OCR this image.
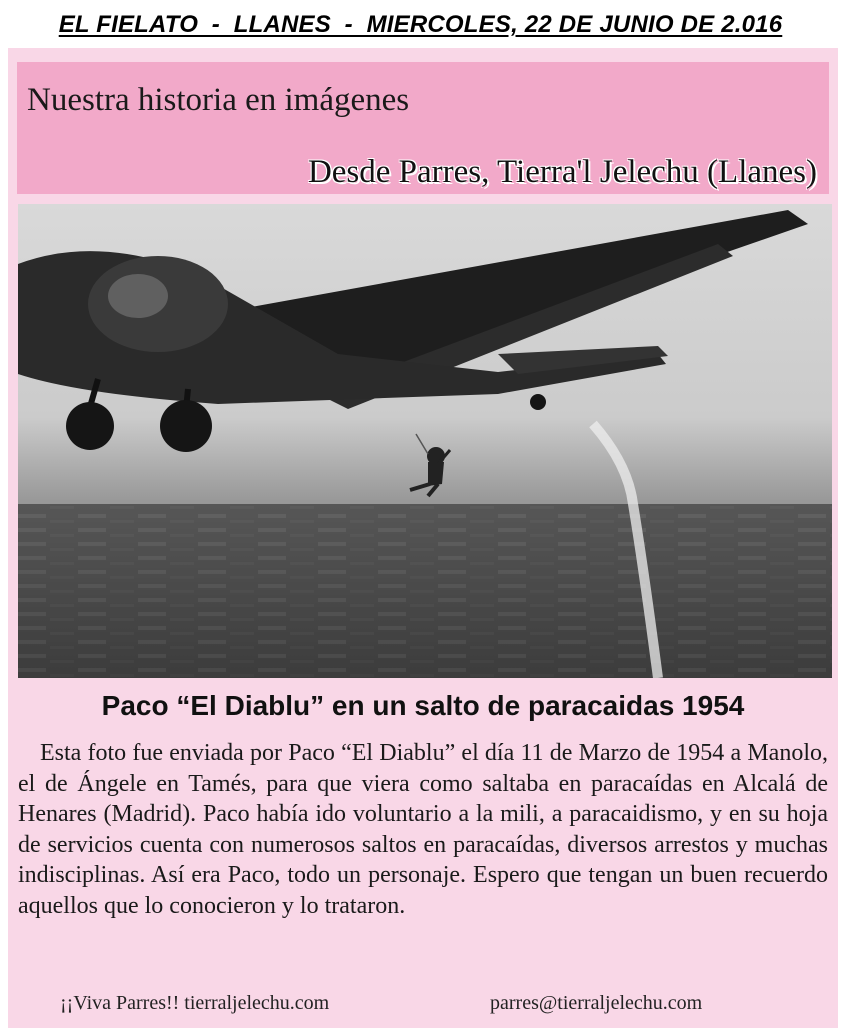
EL FIELATO  -  LLANES  -  MIERCOLES, 22 DE JUNIO DE 2.016
Nuestra historia en imágenes
Desde Parres, Tierra'l Jelechu (Llanes)
Paco “El Diablu” en un salto de paracaidas 1954
Esta foto fue enviada por Paco “El Diablu” el día 11 de Marzo de 1954 a Manolo, el de Ángele en Tamés, para que viera como saltaba en paracaídas en Alcalá de Henares (Madrid). Paco había ido voluntario a la mili, a paracaidismo, y en su hoja de servicios cuenta con numerosos saltos en paracaídas, diversos arrestos y muchas indisciplinas. Así era Paco, todo un personaje. Espero que tengan un buen recuerdo aquellos que lo conocieron y lo trataron.
¡¡Viva Parres!! tierraljelechu.com	parres@tierraljelechu.com
